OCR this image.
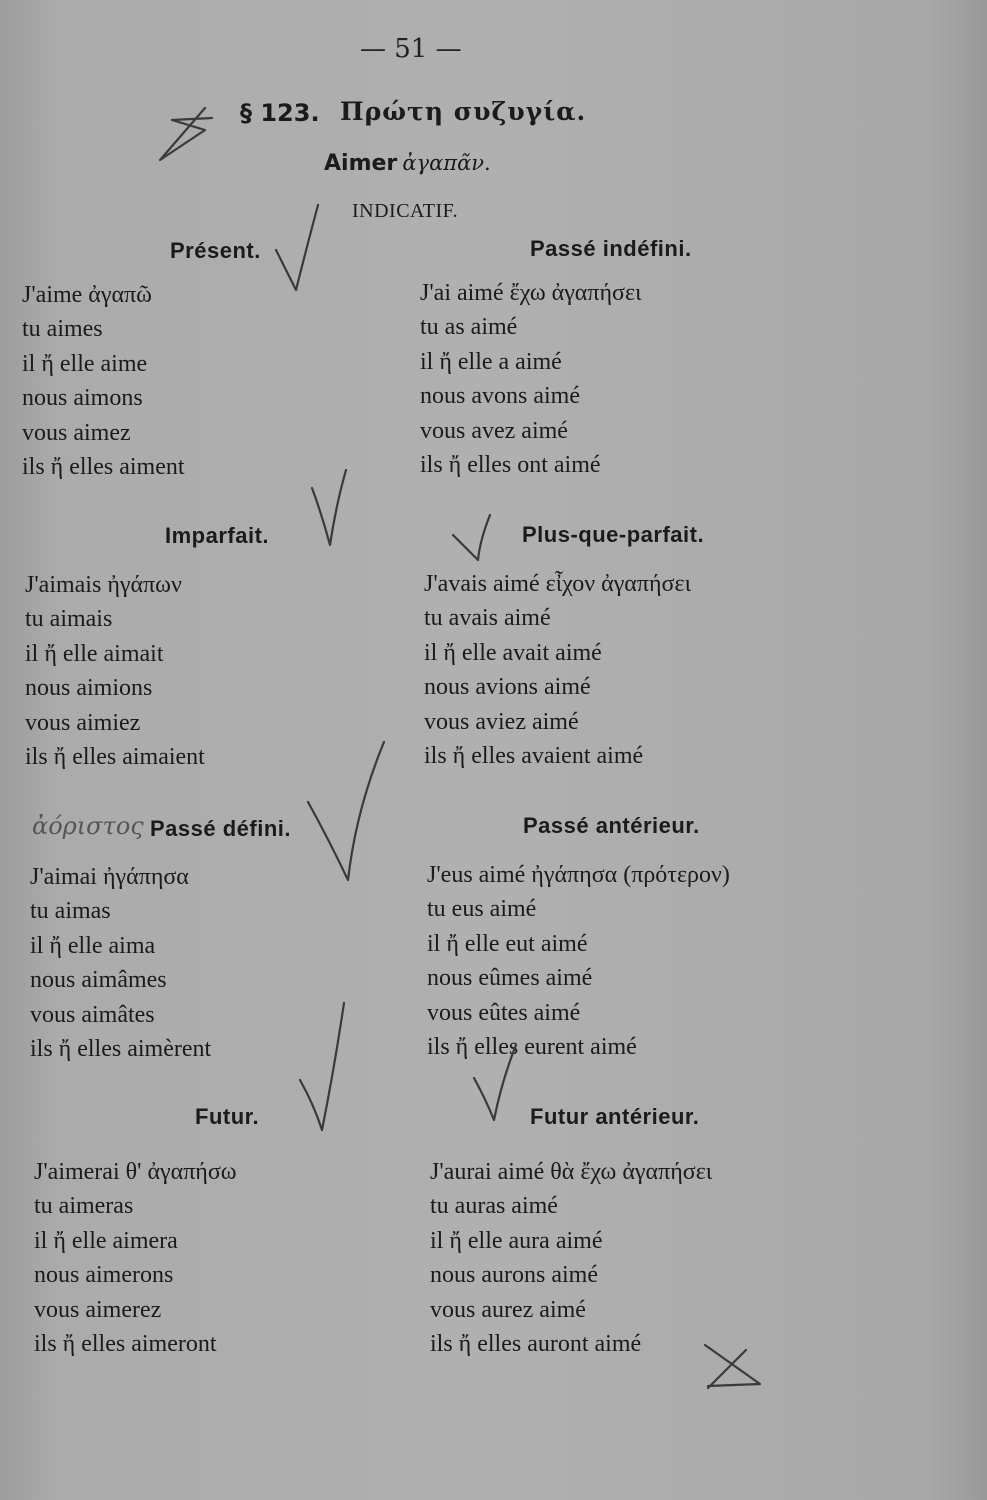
— 51 —
§ 123. Πρώτη συζυγία.
Aimer ἀγαπᾶν.
INDICATIF.
Présent.
J'aime ἀγαπῶ
tu aimes
il ἤ elle aime
nous aimons
vous aimez
ils ἤ elles aiment
Passé indéfini.
J'ai aimé ἔχω ἀγαπήσει
tu as aimé
il ἤ elle a aimé
nous avons aimé
vous avez aimé
ils ἤ elles ont aimé
Imparfait.
J'aimais ἠγάπων
tu aimais
il ἤ elle aimait
nous aimions
vous aimiez
ils ἤ elles aimaient
Plus-que-parfait.
J'avais aimé εἶχον ἀγαπήσει
tu avais aimé
il ἤ elle avait aimé
nous avions aimé
vous aviez aimé
ils ἤ elles avaient aimé
ἀόριστος Passé défini.
J'aimai ἠγάπησα
tu aimas
il ἤ elle aima
nous aimâmes
vous aimâtes
ils ἤ elles aimèrent
Passé antérieur.
J'eus aimé ἠγάπησα (πρότερον)
tu eus aimé
il ἤ elle eut aimé
nous eûmes aimé
vous eûtes aimé
ils ἤ elles eurent aimé
Futur.
J'aimerai θ' ἀγαπήσω
tu aimeras
il ἤ elle aimera
nous aimerons
vous aimerez
ils ἤ elles aimeront
Futur antérieur.
J'aurai aimé θὰ ἔχω ἀγαπήσει
tu auras aimé
il ἤ elle aura aimé
nous aurons aimé
vous aurez aimé
ils ἤ elles auront aimé
